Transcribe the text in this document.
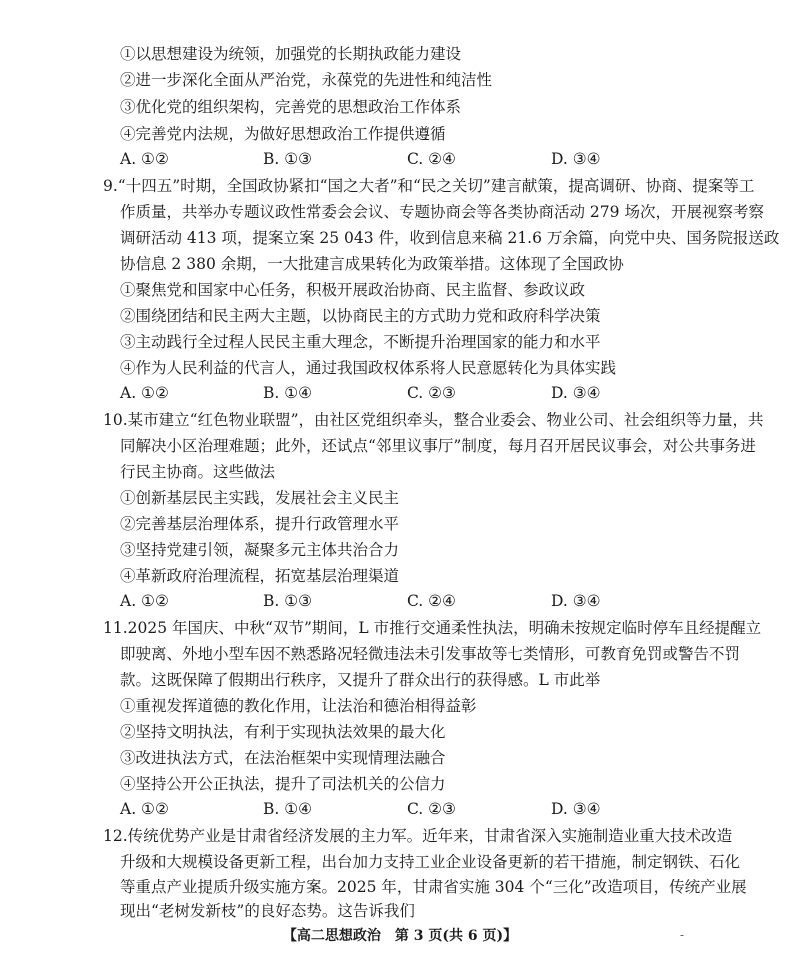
①以思想建设为统领，加强党的长期执政能力建设
②进一步深化全面从严治党，永葆党的先进性和纯洁性
③优化党的组织架构，完善党的思想政治工作体系
④完善党内法规，为做好思想政治工作提供遵循
A. ①②	B. ①③	C. ②④	D. ③④
9.“十四五”时期，全国政协紧扣“国之大者”和“民之关切”建言献策，提高调研、协商、提案等工
作质量，共举办专题议政性常委会会议、专题协商会等各类协商活动 279 场次，开展视察考察
调研活动 413 项，提案立案 25 043 件，收到信息来稿 21.6 万余篇，向党中央、国务院报送政
协信息 2 380 余期，一大批建言成果转化为政策举措。这体现了全国政协
①聚焦党和国家中心任务，积极开展政治协商、民主监督、参政议政
②围绕团结和民主两大主题，以协商民主的方式助力党和政府科学决策
③主动践行全过程人民民主重大理念，不断提升治理国家的能力和水平
④作为人民利益的代言人，通过我国政权体系将人民意愿转化为具体实践
A. ①②	B. ①④	C. ②③	D. ③④
10.某市建立“红色物业联盟”，由社区党组织牵头，整合业委会、物业公司、社会组织等力量，共
同解决小区治理难题；此外，还试点“邻里议事厅”制度，每月召开居民议事会，对公共事务进
行民主协商。这些做法
①创新基层民主实践，发展社会主义民主
②完善基层治理体系，提升行政管理水平
③坚持党建引领，凝聚多元主体共治合力
④革新政府治理流程，拓宽基层治理渠道
A. ①②	B. ①③	C. ②④	D. ③④
11.2025 年国庆、中秋“双节”期间，L 市推行交通柔性执法，明确未按规定临时停车且经提醒立
即驶离、外地小型车因不熟悉路况轻微违法未引发事故等七类情形，可教育免罚或警告不罚
款。这既保障了假期出行秩序，又提升了群众出行的获得感。L 市此举
①重视发挥道德的教化作用，让法治和德治相得益彰
②坚持文明执法，有利于实现执法效果的最大化
③改进执法方式，在法治框架中实现情理法融合
④坚持公开公正执法，提升了司法机关的公信力
A. ①②	B. ①④	C. ②③	D. ③④
12.传统优势产业是甘肃省经济发展的主力军。近年来，甘肃省深入实施制造业重大技术改造
升级和大规模设备更新工程，出台加力支持工业企业设备更新的若干措施，制定钢铁、石化
等重点产业提质升级实施方案。2025 年，甘肃省实施 304 个“三化”改造项目，传统产业展
现出“老树发新枝”的良好态势。这告诉我们
【高二思想政治　第 3 页(共 6 页)】	-
